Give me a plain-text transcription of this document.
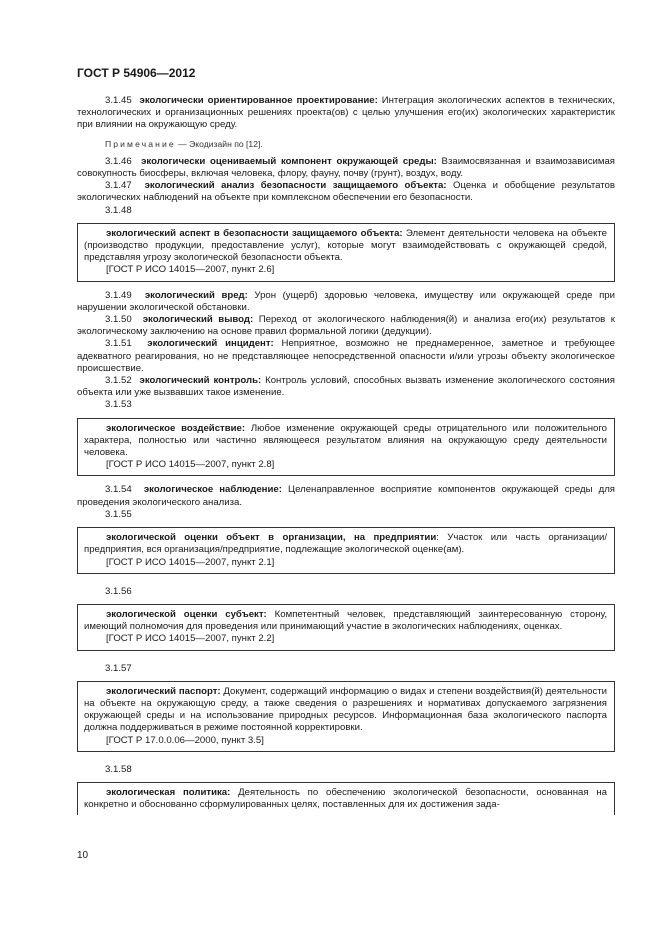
ГОСТ Р 54906—2012

3.1.45 экологически ориентированное проектирование: Интеграция экологических аспектов в технических, технологических и организационных решениях проекта(ов) с целью улучшения его(их) экологических характеристик при влиянии на окружающую среду.

Примечание — Экодизайн по [12].

3.1.46 экологически оцениваемый компонент окружающей среды: Взаимосвязанная и взаимозависимая совокупность биосферы, включая человека, флору, фауну, почву (грунт), воздух, воду.

3.1.47 экологический анализ безопасности защищаемого объекта: Оценка и обобщение результатов экологических наблюдений на объекте при комплексном обеспечении его безопасности.

3.1.48

экологический аспект в безопасности защищаемого объекта: Элемент деятельности человека на объекте (производство продукции, предоставление услуг), которые могут взаимодействовать с окружающей средой, представляя угрозу экологической безопасности объекта.

[ГОСТ Р ИСО 14015—2007, пункт 2.6]

3.1.49 экологический вред: Урон (ущерб) здоровью человека, имуществу или окружающей среде при нарушении экологической обстановки.

3.1.50 экологический вывод: Переход от экологического наблюдения(й) и анализа его(их) результатов к экологическому заключению на основе правил формальной логики (дедукции).

3.1.51 экологический инцидент: Неприятное, возможно не преднамеренное, заметное и требующее адекватного реагирования, но не представляющее непосредственной опасности и/или угрозы объекту экологическое происшествие.

3.1.52 экологический контроль: Контроль условий, способных вызвать изменение экологического состояния объекта или уже вызвавших такое изменение.

3.1.53

экологическое воздействие: Любое изменение окружающей среды отрицательного или положительного характера, полностью или частично являющееся результатом влияния на окружающую среду деятельности человека.

[ГОСТ Р ИСО 14015—2007, пункт 2.8]

3.1.54 экологическое наблюдение: Целенаправленное восприятие компонентов окружающей среды для проведения экологического анализа.

3.1.55

экологической оценки объект в организации, на предприятии: Участок или часть организации/предприятия, вся организация/предприятие, подлежащие экологической оценке(ам).

[ГОСТ Р ИСО 14015—2007, пункт 2.1]

3.1.56

экологической оценки субъект: Компетентный человек, представляющий заинтересованную сторону, имеющий полномочия для проведения или принимающий участие в экологических наблюдениях, оценках.

[ГОСТ Р ИСО 14015—2007, пункт 2.2]

3.1.57

экологический паспорт: Документ, содержащий информацию о видах и степени воздействия(й) деятельности на объекте на окружающую среду, а также сведения о разрешениях и нормативах допускаемого загрязнения окружающей среды и на использование природных ресурсов. Информационная база экологического паспорта должна поддерживаться в режиме постоянной корректировки.

[ГОСТ Р 17.0.0.06—2000, пункт 3.5]

3.1.58

экологическая политика: Деятельность по обеспечению экологической безопасности, основанная на конкретно и обоснованно сформулированных целях, поставленных для их достижения зада-

10
